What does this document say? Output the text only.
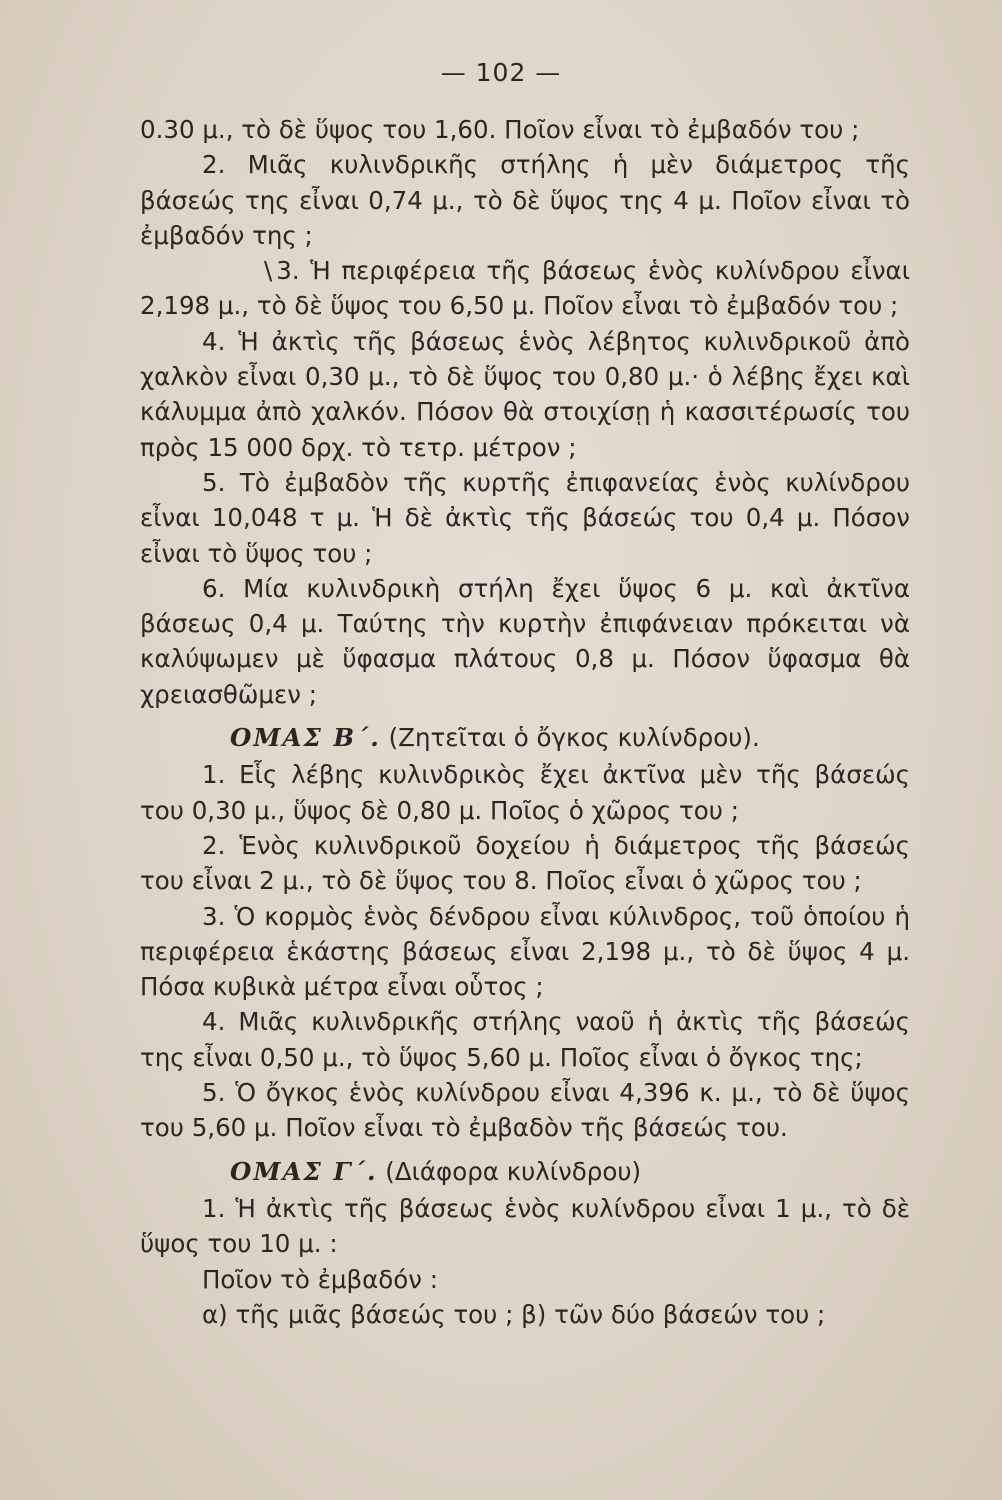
— 102 —

0.30 μ., τὸ δὲ ὕψος του 1,60. Ποῖον εἶναι τὸ ἐμβαδόν του ;

2. Μιᾶς κυλινδρικῆς στήλης ἡ μὲν διάμετρος τῆς βάσεώς της εἶναι 0,74 μ., τὸ δὲ ὕψος της 4 μ. Ποῖον εἶναι τὸ ἐμβαδόν της ;

\ 3. Ἡ περιφέρεια τῆς βάσεως ἑνὸς κυλίνδρου εἶναι 2,198 μ., τὸ δὲ ὕψος του 6,50 μ. Ποῖον εἶναι τὸ ἐμβαδόν του ;

4. Ἡ ἀκτὶς τῆς βάσεως ἑνὸς λέβητος κυλινδρικοῦ ἀπὸ χαλκὸν εἶναι 0,30 μ., τὸ δὲ ὕψος του 0,80 μ.· ὁ λέβης ἔχει καὶ κάλυμμα ἀπὸ χαλκόν. Πόσον θὰ στοιχίσῃ ἡ κασσιτέρωσίς του πρὸς 15 000 δρχ. τὸ τετρ. μέτρον ;

5. Τὸ ἐμβαδὸν τῆς κυρτῆς ἐπιφανείας ἑνὸς κυλίνδρου εἶναι 10,048 τ μ. Ἡ δὲ ἀκτὶς τῆς βάσεώς του 0,4 μ. Πόσον εἶναι τὸ ὕψος του ;

6. Μία κυλινδρικὴ στήλη ἔχει ὕψος 6 μ. καὶ ἀκτῖνα βάσεως 0,4 μ. Ταύτης τὴν κυρτὴν ἐπιφάνειαν πρόκειται νὰ καλύψωμεν μὲ ὕφασμα πλάτους 0,8 μ. Πόσον ὕφασμα θὰ χρειασθῶμεν ;

ΟΜΑΣ Β΄. (Ζητεῖται ὁ ὄγκος κυλίνδρου).

1. Εἷς λέβης κυλινδρικὸς ἔχει ἀκτῖνα μὲν τῆς βάσεώς του 0,30 μ., ὕψος δὲ 0,80 μ. Ποῖος ὁ χῶρος του ;

2. Ἑνὸς κυλινδρικοῦ δοχείου ἡ διάμετρος τῆς βάσεώς του εἶναι 2 μ., τὸ δὲ ὕψος του 8. Ποῖος εἶναι ὁ χῶρος του ;

3. Ὁ κορμὸς ἑνὸς δένδρου εἶναι κύλινδρος, τοῦ ὁποίου ἡ περιφέρεια ἑκάστης βάσεως εἶναι 2,198 μ., τὸ δὲ ὕψος 4 μ. Πόσα κυβικὰ μέτρα εἶναι οὗτος ;

4. Μιᾶς κυλινδρικῆς στήλης ναοῦ ἡ ἀκτὶς τῆς βάσεώς της εἶναι 0,50 μ., τὸ ὕψος 5,60 μ. Ποῖος εἶναι ὁ ὄγκος της;

5. Ὁ ὄγκος ἑνὸς κυλίνδρου εἶναι 4,396 κ. μ., τὸ δὲ ὕψος του 5,60 μ. Ποῖον εἶναι τὸ ἐμβαδὸν τῆς βάσεώς του.

ΟΜΑΣ Γ΄. (Διάφορα κυλίνδρου)

1. Ἡ ἀκτὶς τῆς βάσεως ἑνὸς κυλίνδρου εἶναι 1 μ., τὸ δὲ ὕψος του 10 μ. :

Ποῖον τὸ ἐμβαδόν :

α) τῆς μιᾶς βάσεώς του ; β) τῶν δύο βάσεών του ;
